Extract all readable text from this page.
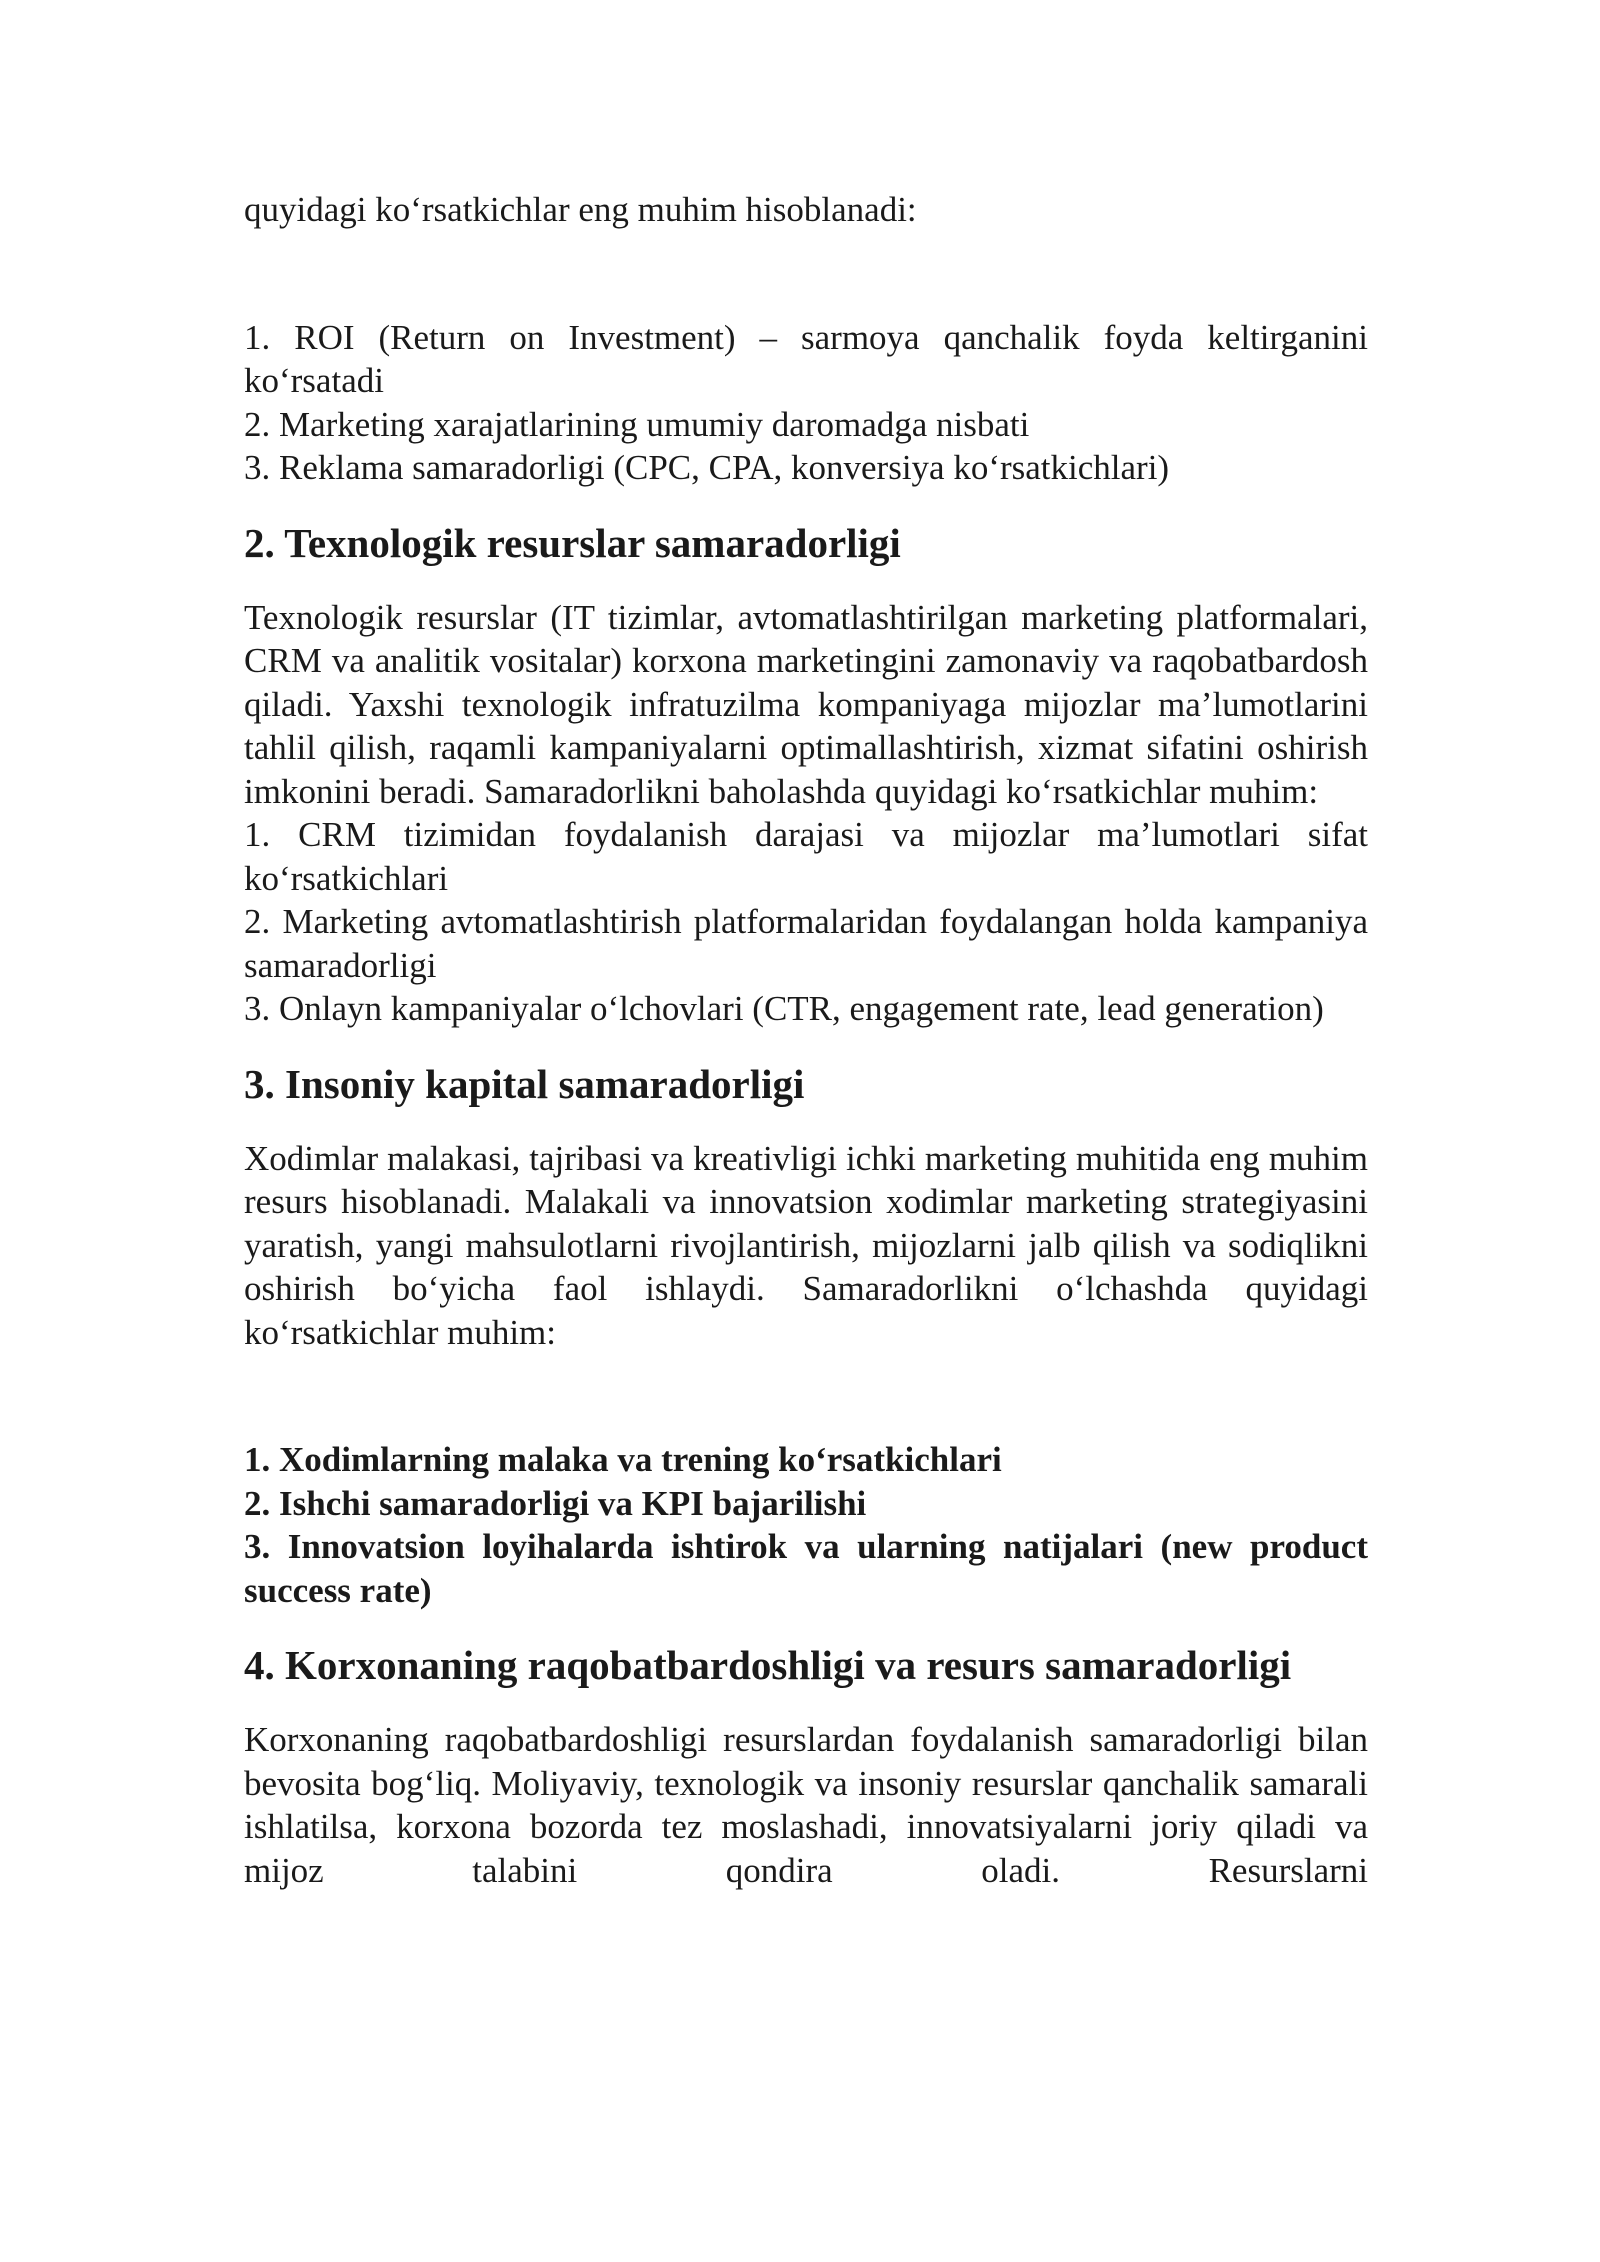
quyidagi ko‘rsatkichlar eng muhim hisoblanadi:

1. ROI (Return on Investment) – sarmoya qanchalik foyda keltirganini ko‘rsatadi
2. Marketing xarajatlarining umumiy daromadga nisbati
3. Reklama samaradorligi (CPC, CPA, konversiya ko‘rsatkichlari)
2. Texnologik resurslar samaradorligi

Texnologik resurslar (IT tizimlar, avtomatlashtirilgan marketing platformalari, CRM va analitik vositalar) korxona marketingini zamonaviy va raqobatbardosh qiladi. Yaxshi texnologik infratuzilma kompaniyaga mijozlar ma’lumotlarini tahlil qilish, raqamli kampaniyalarni optimallashtirish, xizmat sifatini oshirish imkonini beradi. Samaradorlikni baholashda quyidagi ko‘rsatkichlar muhim:

1. CRM tizimidan foydalanish darajasi va mijozlar ma’lumotlari sifat ko‘rsatkichlari
2. Marketing avtomatlashtirish platformalaridan foydalangan holda kampaniya samaradorligi
3. Onlayn kampaniyalar o‘lchovlari (CTR, engagement rate, lead generation)
3. Insoniy kapital samaradorligi

Xodimlar malakasi, tajribasi va kreativligi ichki marketing muhitida eng muhim resurs hisoblanadi. Malakali va innovatsion xodimlar marketing strategiyasini yaratish, yangi mahsulotlarni rivojlantirish, mijozlarni jalb qilish va sodiqlikni oshirish bo‘yicha faol ishlaydi. Samaradorlikni o‘lchashda quyidagi ko‘rsatkichlar muhim:

1. Xodimlarning malaka va trening ko‘rsatkichlari
2. Ishchi samaradorligi va KPI bajarilishi
3. Innovatsion loyihalarda ishtirok va ularning natijalari (new product success rate)
4. Korxonaning raqobatbardoshligi va resurs samaradorligi

Korxonaning raqobatbardoshligi resurslardan foydalanish samaradorligi bilan bevosita bog‘liq. Moliyaviy, texnologik va insoniy resurslar qanchalik samarali ishlatilsa, korxona bozorda tez moslashadi, innovatsiyalarni joriy qiladi va mijoz talabini qondira oladi. Resurslarni
